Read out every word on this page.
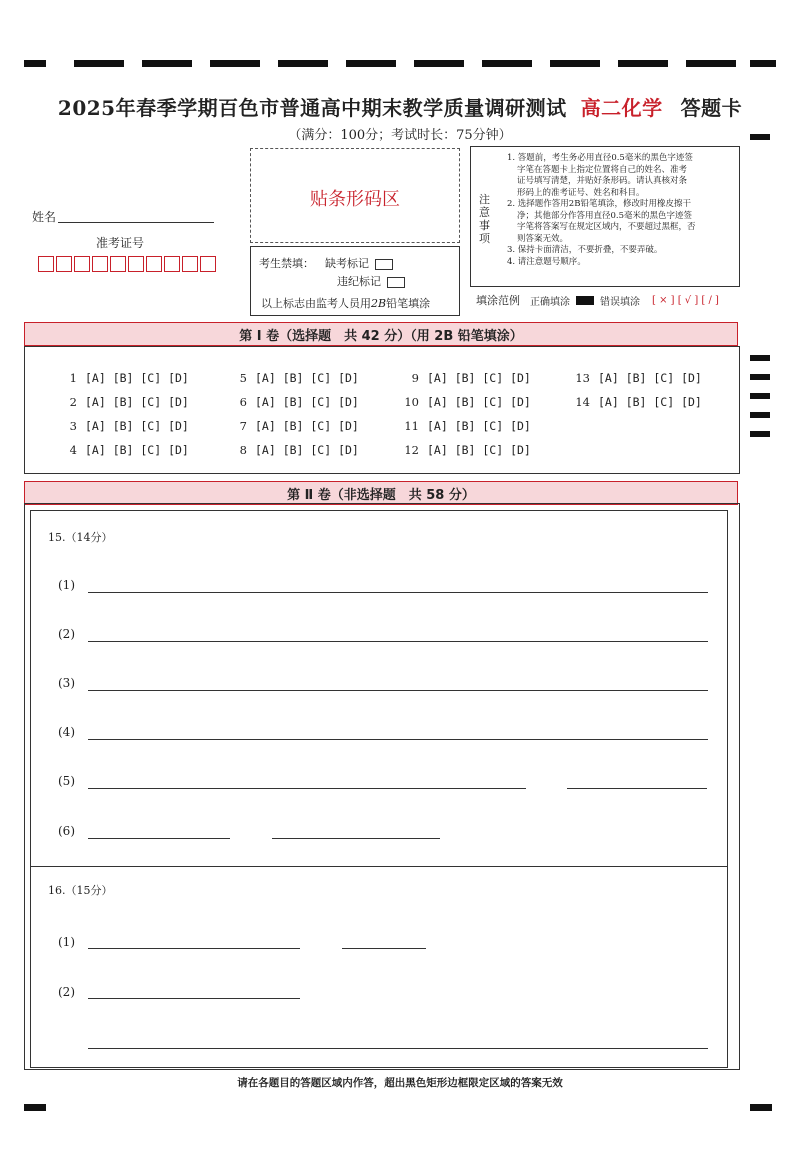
2025年春季学期百色市普通高中期末教学质量调研测试 高二化学 答题卡
（满分：100分；考试时长：75分钟）
姓名
准考证号
贴条形码区
考生禁填： 缺考标记
违纪标记
以上标志由监考人员用2B铅笔填涂
注意事项
1. 答题前，考生务必用直径0.5毫米的黑色字迹签
字笔在答题卡上指定位置将自己的姓名、准考
证号填写清楚，并贴好条形码。请认真核对条
形码上的准考证号、姓名和科目。
2. 选择题作答用2B铅笔填涂，修改时用橡皮擦干
净；其他部分作答用直径0.5毫米的黑色字迹签
字笔将答案写在规定区域内，不要超过黑框，否
则答案无效。
3. 保持卡面清洁，不要折叠，不要弄破。
4. 请注意题号顺序。
填涂范例 正确填涂	错误填涂 [ × ] [ √ ] [ / ]
第 Ⅰ 卷（选择题　共 42 分）（用 2B 铅笔填涂）
1 [A] [B] [C] [D]
2 [A] [B] [C] [D]
3 [A] [B] [C] [D]
4 [A] [B] [C] [D]
5 [A] [B] [C] [D]
6 [A] [B] [C] [D]
7 [A] [B] [C] [D]
8 [A] [B] [C] [D]
9 [A] [B] [C] [D]
10 [A] [B] [C] [D]
11 [A] [B] [C] [D]
12 [A] [B] [C] [D]
13 [A] [B] [C] [D]
14 [A] [B] [C] [D]
第 Ⅱ 卷（非选择题　共 58 分）
15.（14分）
(1)
(2)
(3)
(4)
(5)
(6)
16.（15分）
(1)
(2)
请在各题目的答题区域内作答，超出黑色矩形边框限定区域的答案无效
